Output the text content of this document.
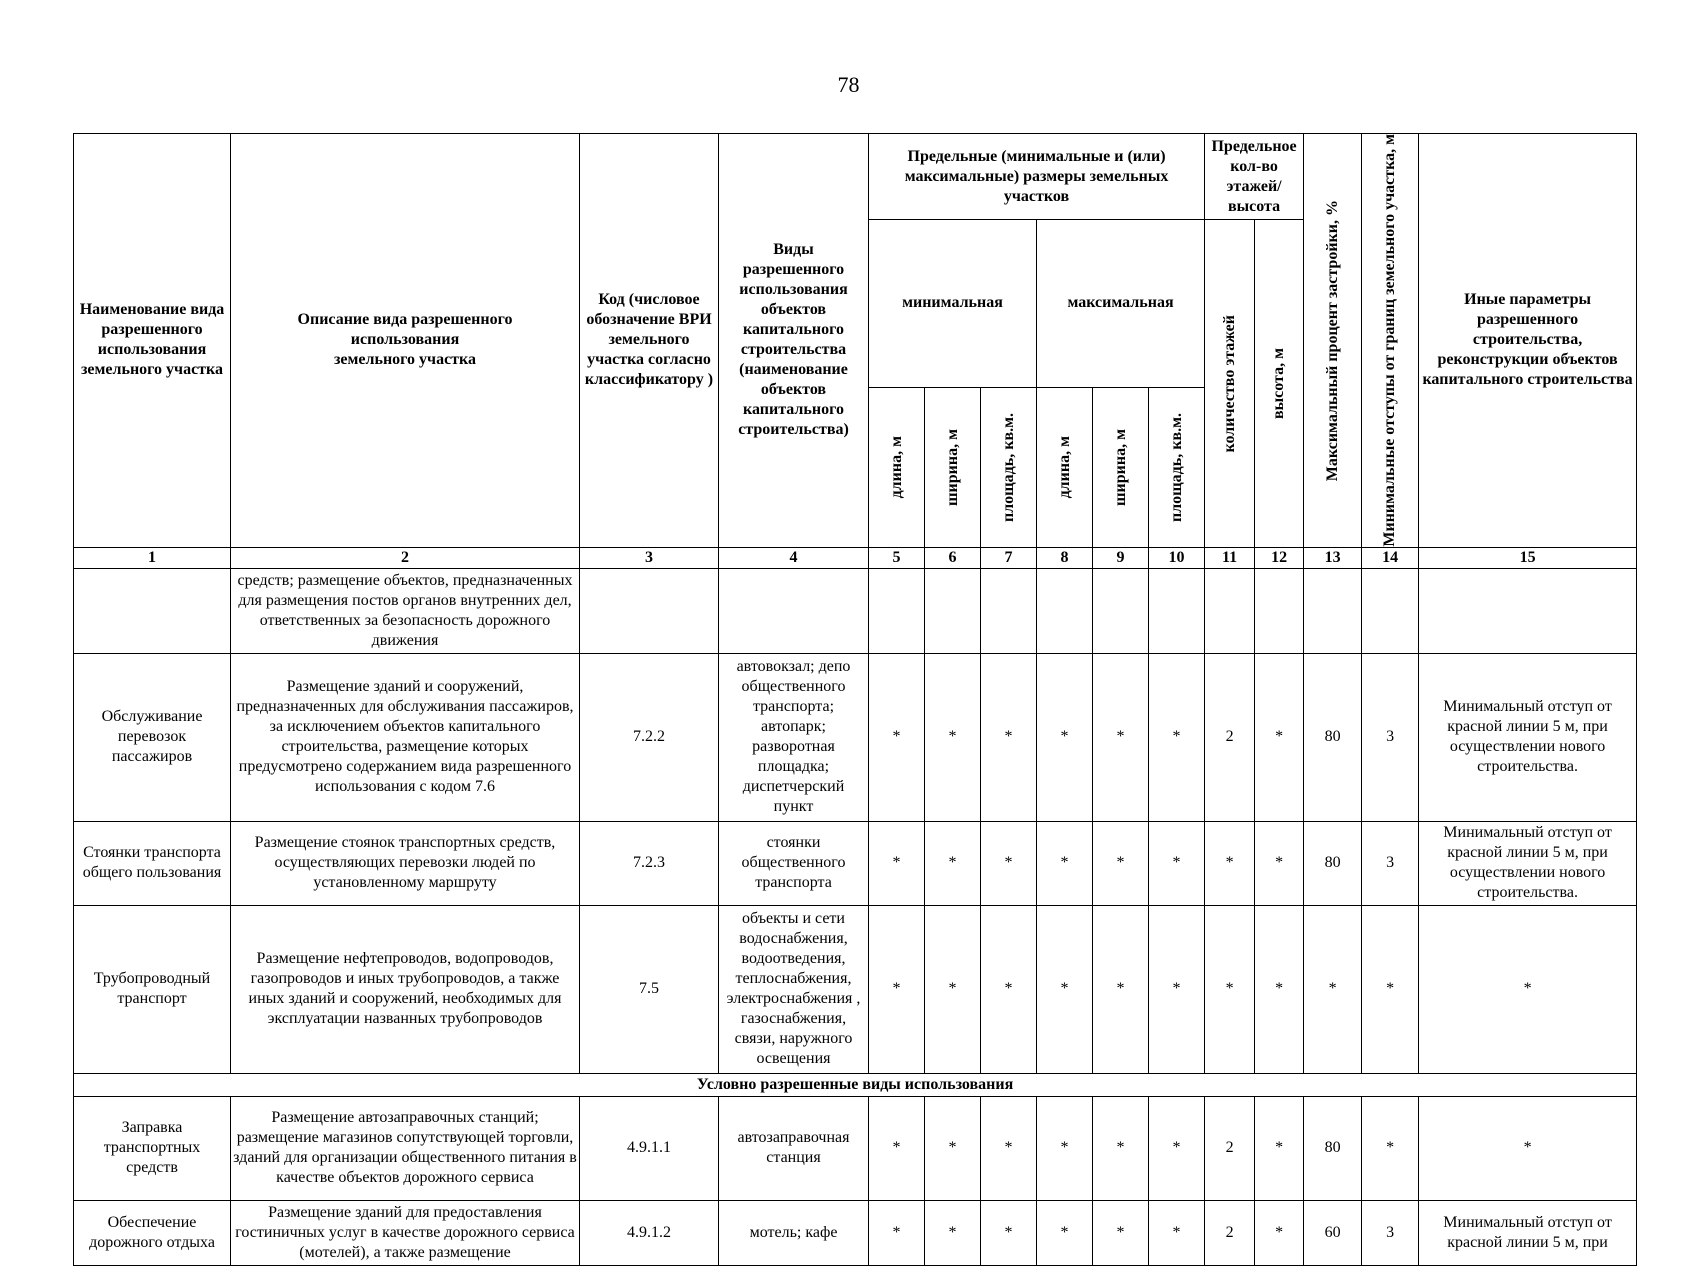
78
Наименование вида разрешенного использования земельного участка	Описание вида разрешенного
использования
земельного участка	Код (числовое обозначение ВРИ земельного участка согласно классификатору )	Виды разрешенного использования объектов капитального строительства (наименование объектов капитального строительства)	Предельные (минимальные и (или) максимальные) размеры земельных участков						Предельное кол-во этажей/ высота		Максимальный процент застройки, %	Минимальные отступы от границ земельного участка, м	Иные параметры разрешенного строительства, реконструкции объектов капитального строительства
				минимальная			максимальная			количество этажей	высота, м			

				длина, м	ширина, м	площадь, кв.м.	длина, м	ширина, м	площадь, кв.м.					

1	2	3	4	5	6	7	8	9	10	11	12	13	14	15
	средств; размещение объектов, предназначенных для размещения постов органов внутренних дел, ответственных за безопасность дорожного движения													
Обслуживание перевозок пассажиров	Размещение зданий и сооружений, предназначенных для обслуживания пассажиров, за исключением объектов капитального строительства, размещение которых предусмотрено содержанием вида разрешенного использования с кодом 7.6	7.2.2	автовокзал; депо общественного транспорта; автопарк; разворотная площадка; диспетчерский пункт	*	*	*	*	*	*	2	*	80	3	Минимальный отступ от красной линии 5 м, при осуществлении нового строительства.
Стоянки транспорта общего пользования	Размещение стоянок транспортных средств, осуществляющих перевозки людей по установленному маршруту	7.2.3	стоянки общественного транспорта	*	*	*	*	*	*	*	*	80	3	Минимальный отступ от красной линии 5 м, при осуществлении нового строительства.
Трубопроводный транспорт	Размещение нефтепроводов, водопроводов, газопроводов и иных трубопроводов, а также иных зданий и сооружений, необходимых для эксплуатации названных трубопроводов	7.5	объекты и сети водоснабжения, водоотведения, теплоснабжения, электроснабжения , газоснабжения, связи, наружного освещения	*	*	*	*	*	*	*	*	*	*	*
Условно разрешенные виды использования														
Заправка транспортных средств	Размещение автозаправочных станций; размещение магазинов сопутствующей торговли, зданий для организации общественного питания в качестве объектов дорожного сервиса	4.9.1.1	автозаправочная станция	*	*	*	*	*	*	2	*	80	*	*
Обеспечение дорожного отдыха	Размещение зданий для предоставления гостиничных услуг в качестве дорожного сервиса (мотелей), а также размещение	4.9.1.2	мотель; кафе	*	*	*	*	*	*	2	*	60	3	Минимальный отступ от красной линии 5 м, при
